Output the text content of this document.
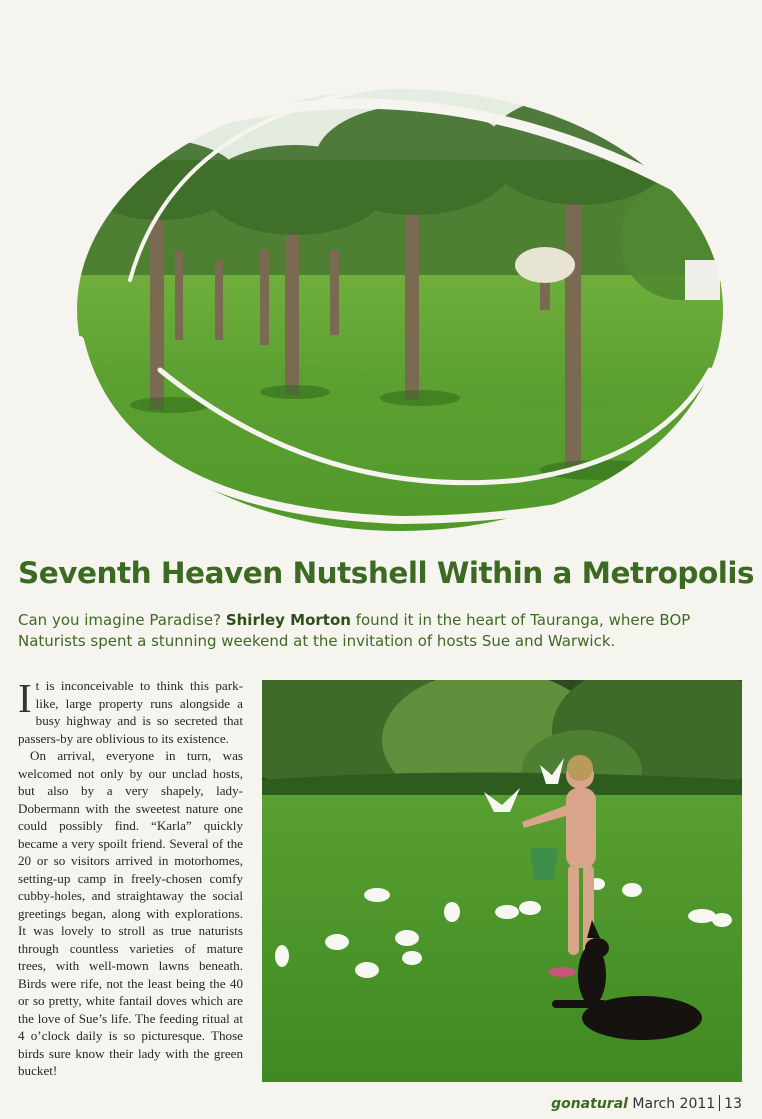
Seventh Heaven Nutshell Within a Metropolis
Can you imagine Paradise? Shirley Morton found it in the heart of Tauranga, where BOP Naturists spent a stunning weekend at the invitation of hosts Sue and Warwick.

It is inconceivable to think this park-like, large property runs alongside a busy highway and is so secreted that passers-by are oblivious to its existence.

On arrival, everyone in turn, was welcomed not only by our unclad hosts, but also by a very shapely, lady-Dobermann with the sweetest nature one could possibly find. “Karla” quickly became a very spoilt friend. Several of the 20 or so visitors arrived in motorhomes, setting-up camp in freely-chosen comfy cubby-holes, and straightaway the social greetings began, along with explorations. It was lovely to stroll as true naturists through countless varieties of mature trees, with well-mown lawns beneath. Birds were rife, not the least being the 40 or so pretty, white fantail doves which are the love of Sue’s life. The feeding ritual at 4 o’clock daily is so picturesque. Those birds sure know their lady with the green bucket!

gonatural March 2011 13
